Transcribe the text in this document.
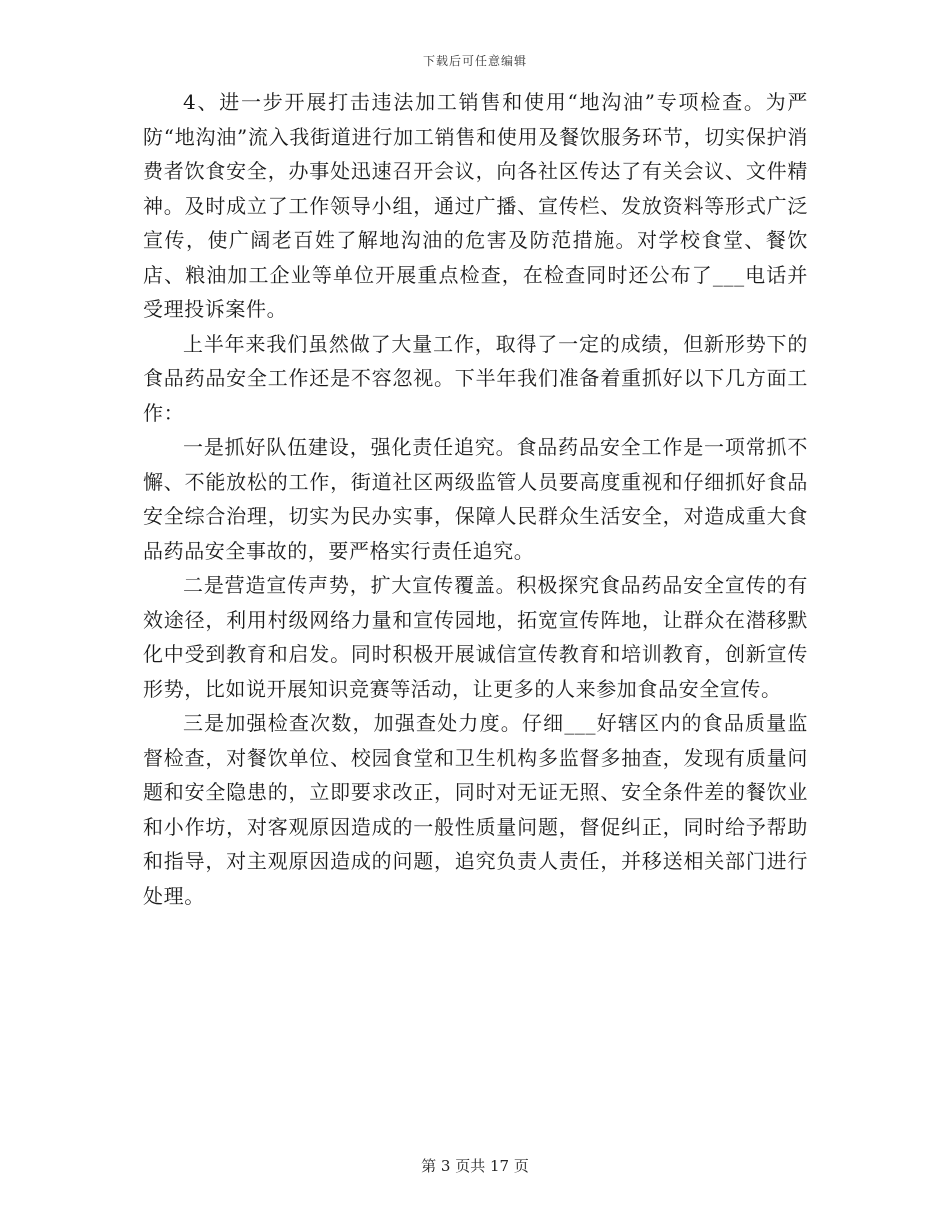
下载后可任意编辑

4、进一步开展打击违法加工销售和使用“地沟油”专项检查。为严防“地沟油”流入我街道进行加工销售和使用及餐饮服务环节，切实保护消费者饮食安全，办事处迅速召开会议，向各社区传达了有关会议、文件精神。及时成立了工作领导小组，通过广播、宣传栏、发放资料等形式广泛宣传，使广阔老百姓了解地沟油的危害及防范措施。对学校食堂、餐饮店、粮油加工企业等单位开展重点检查，在检查同时还公布了___电话并受理投诉案件。

上半年来我们虽然做了大量工作，取得了一定的成绩，但新形势下的食品药品安全工作还是不容忽视。下半年我们准备着重抓好以下几方面工作：

一是抓好队伍建设，强化责任追究。食品药品安全工作是一项常抓不懈、不能放松的工作，街道社区两级监管人员要高度重视和仔细抓好食品安全综合治理，切实为民办实事，保障人民群众生活安全，对造成重大食品药品安全事故的，要严格实行责任追究。

二是营造宣传声势，扩大宣传覆盖。积极探究食品药品安全宣传的有效途径，利用村级网络力量和宣传园地，拓宽宣传阵地，让群众在潜移默化中受到教育和启发。同时积极开展诚信宣传教育和培训教育，创新宣传形势，比如说开展知识竞赛等活动，让更多的人来参加食品安全宣传。

三是加强检查次数，加强查处力度。仔细___好辖区内的食品质量监督检查，对餐饮单位、校园食堂和卫生机构多监督多抽查，发现有质量问题和安全隐患的，立即要求改正，同时对无证无照、安全条件差的餐饮业和小作坊，对客观原因造成的一般性质量问题，督促纠正，同时给予帮助和指导，对主观原因造成的问题，追究负责人责任，并移送相关部门进行处理。

第 3 页共 17 页
